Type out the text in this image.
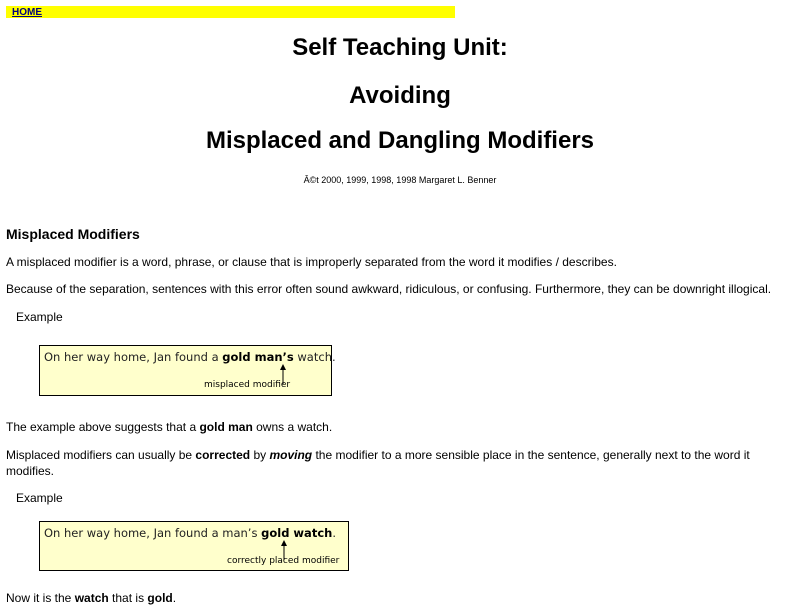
HOME
Self Teaching Unit:
Avoiding
Misplaced and Dangling Modifiers
Â©t 2000, 1999, 1998, 1998 Margaret L. Benner
Misplaced Modifiers

A misplaced modifier is a word, phrase, or clause that is improperly separated from the word it modifies / describes.

Because of the separation, sentences with this error often sound awkward, ridiculous, or confusing. Furthermore, they can be downright illogical.

Example
On her way home, Jan found a gold man’s watch.
misplaced modifier

The example above suggests that a gold man owns a watch.

Misplaced modifiers can usually be corrected by moving the modifier to a more sensible place in the sentence, generally next to the word it modifies.

Example
On her way home, Jan found a man’s gold watch.
correctly placed modifier

Now it is the watch that is gold.
